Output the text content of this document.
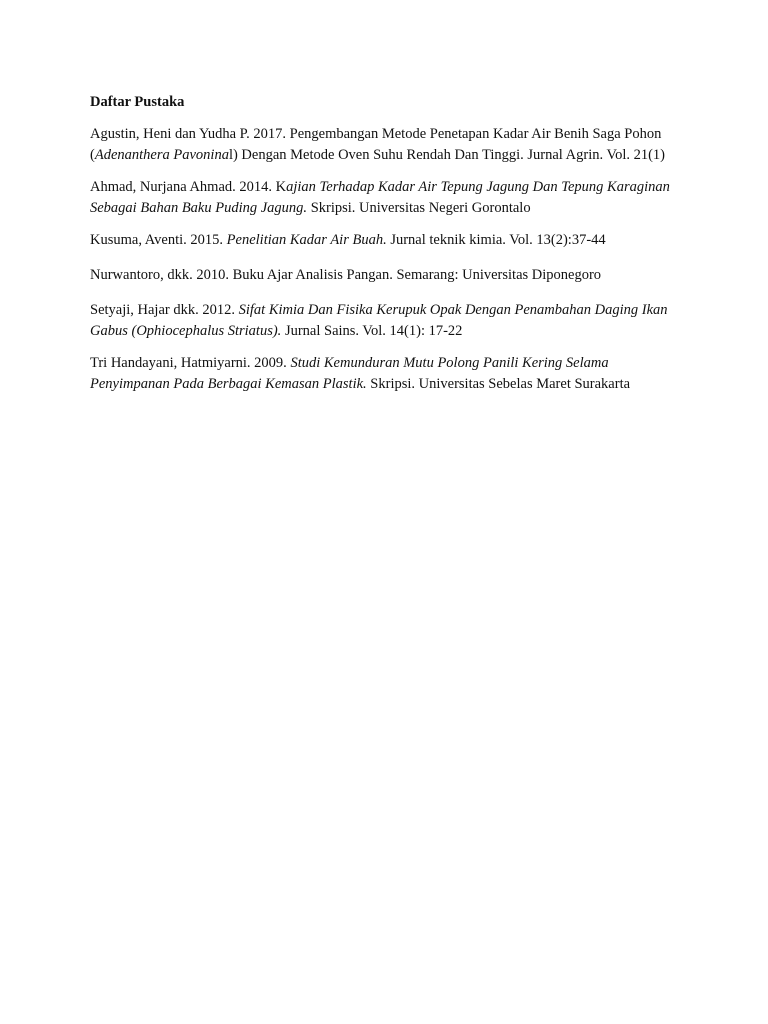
Daftar Pustaka
Agustin, Heni dan Yudha P. 2017. Pengembangan Metode Penetapan Kadar Air Benih Saga Pohon (Adenanthera Pavoninal) Dengan Metode Oven Suhu Rendah Dan Tinggi. Jurnal Agrin. Vol. 21(1)
Ahmad, Nurjana Ahmad. 2014. Kajian Terhadap Kadar Air Tepung Jagung Dan Tepung Karaginan Sebagai Bahan Baku Puding Jagung. Skripsi. Universitas Negeri Gorontalo
Kusuma, Aventi. 2015. Penelitian Kadar Air Buah. Jurnal teknik kimia. Vol. 13(2):37-44
Nurwantoro, dkk. 2010. Buku Ajar Analisis Pangan. Semarang: Universitas Diponegoro
Setyaji, Hajar dkk. 2012. Sifat Kimia Dan Fisika Kerupuk Opak Dengan Penambahan Daging Ikan Gabus (Ophiocephalus Striatus). Jurnal Sains. Vol. 14(1): 17-22
Tri Handayani, Hatmiyarni. 2009. Studi Kemunduran Mutu Polong Panili Kering Selama Penyimpanan Pada Berbagai Kemasan Plastik. Skripsi. Universitas Sebelas Maret Surakarta
